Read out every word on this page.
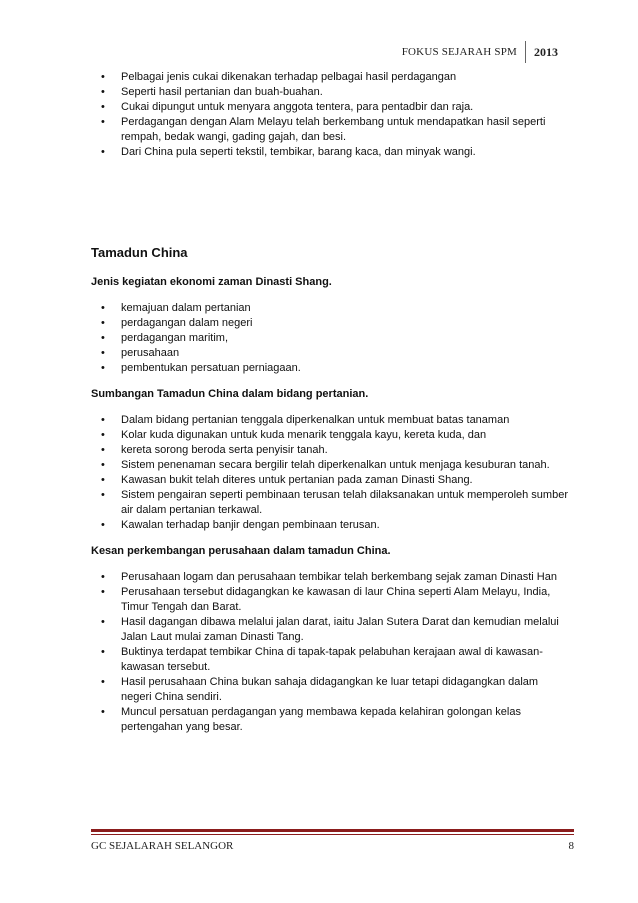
FOKUS SEJARAH SPM	2013
• Pelbagai jenis cukai dikenakan terhadap pelbagai hasil perdagangan
• Seperti hasil pertanian dan buah-buahan.
• Cukai dipungut untuk menyara anggota tentera, para pentadbir dan raja.
• Perdagangan dengan Alam Melayu telah berkembang untuk mendapatkan hasil seperti rempah, bedak wangi, gading gajah, dan besi.
• Dari China pula seperti tekstil, tembikar, barang kaca, dan minyak wangi.
Tamadun China
Jenis kegiatan ekonomi zaman Dinasti Shang.
• kemajuan dalam pertanian
• perdagangan dalam negeri
• perdagangan maritim,
• perusahaan
• pembentukan persatuan perniagaan.
Sumbangan Tamadun China dalam bidang pertanian.
• Dalam bidang pertanian tenggala diperkenalkan untuk membuat batas tanaman
• Kolar kuda digunakan untuk kuda menarik tenggala kayu, kereta kuda, dan
• kereta sorong beroda serta penyisir tanah.
• Sistem penenaman secara bergilir telah diperkenalkan untuk menjaga kesuburan tanah.
• Kawasan bukit telah diteres untuk pertanian pada zaman Dinasti Shang.
• Sistem pengairan seperti pembinaan terusan telah dilaksanakan untuk memperoleh sumber air dalam pertanian terkawal.
• Kawalan terhadap banjir dengan pembinaan terusan.
Kesan perkembangan perusahaan dalam tamadun China.
• Perusahaan logam dan perusahaan tembikar telah berkembang sejak zaman Dinasti Han
• Perusahaan tersebut didagangkan ke kawasan di laur China seperti Alam Melayu, India, Timur Tengah dan Barat.
• Hasil dagangan dibawa melalui jalan darat, iaitu Jalan Sutera Darat dan kemudian melalui Jalan Laut mulai zaman Dinasti Tang.
• Buktinya terdapat tembikar China di tapak-tapak pelabuhan kerajaan awal di kawasan-kawasan tersebut.
• Hasil perusahaan China bukan sahaja didagangkan ke luar tetapi didagangkan dalam negeri China sendiri.
• Muncul persatuan perdagangan yang membawa kepada kelahiran golongan kelas pertengahan yang besar.
GC SEJALARAH SELANGOR	8
